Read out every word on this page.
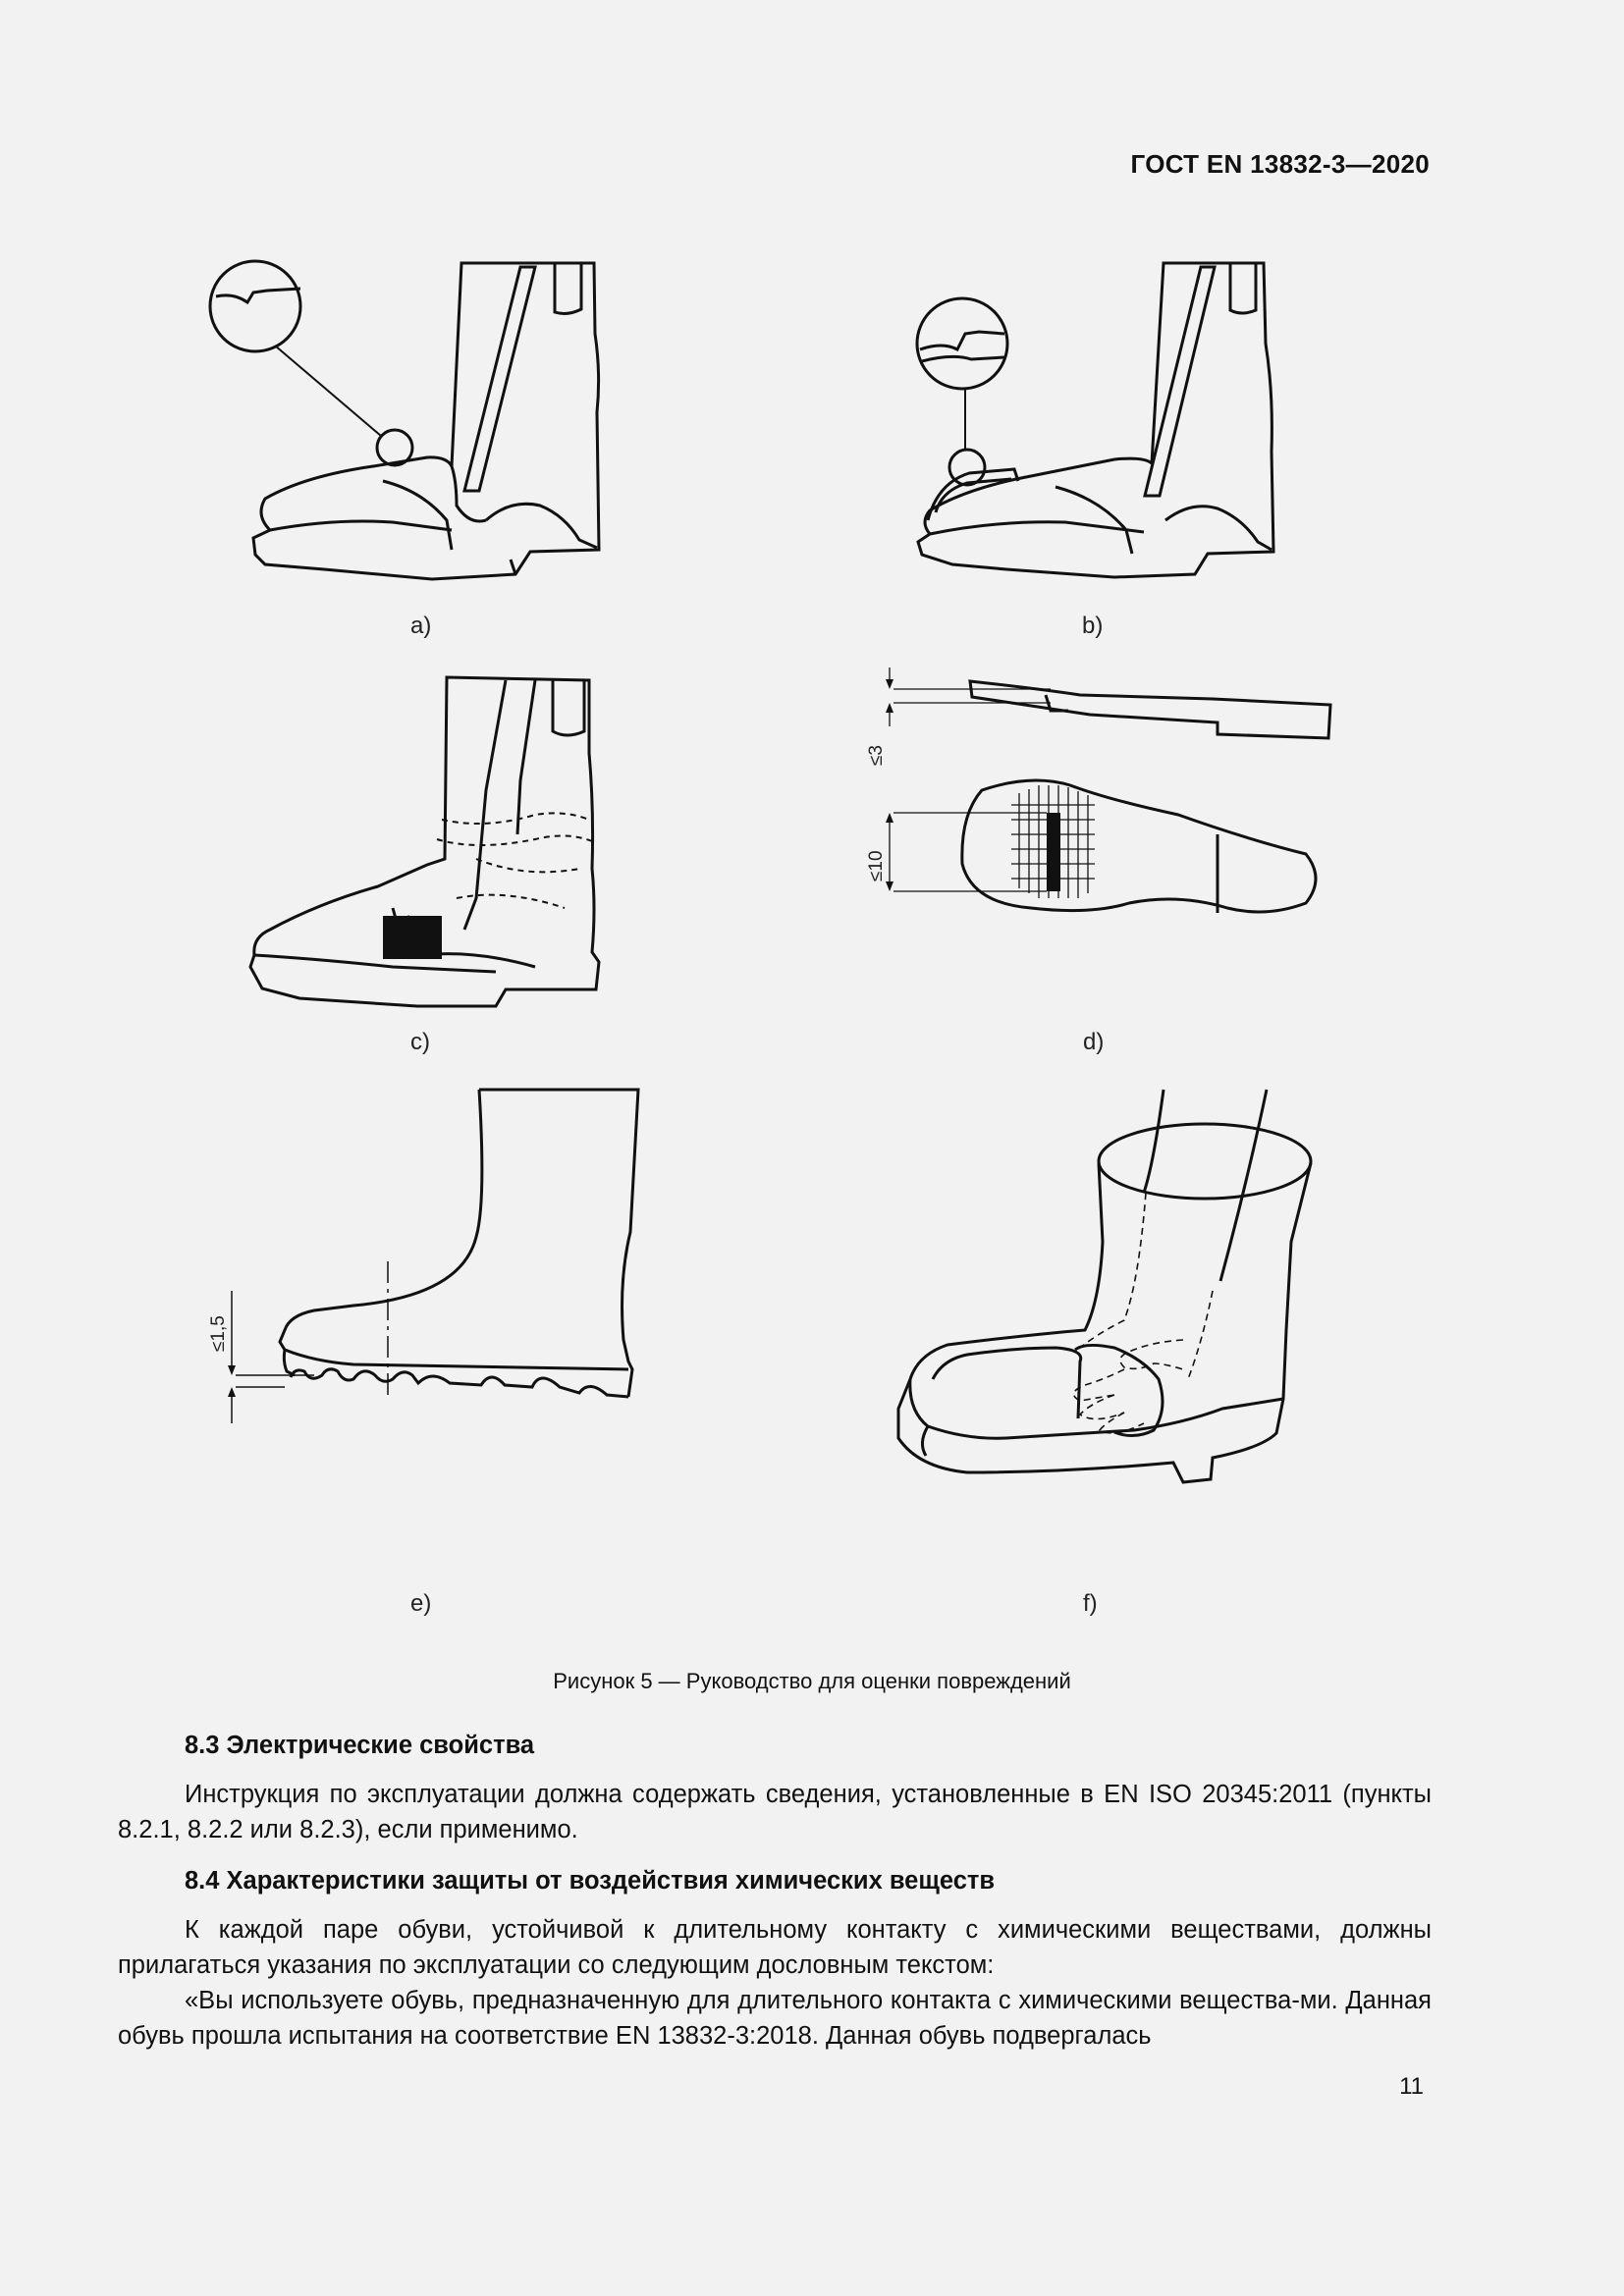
ГОСТ EN 13832-3—2020
a)	b)
c)
≤3
≤10
d)
≤1,5
e)	f)
Рисунок 5 — Руководство для оценки повреждений

8.3 Электрические свойства

Инструкция по эксплуатации должна содержать сведения, установленные в EN ISO 20345:2011 (пункты 8.2.1, 8.2.2 или 8.2.3), если применимо.

8.4 Характеристики защиты от воздействия химических веществ

К каждой паре обуви, устойчивой к длительному контакту с химическими веществами, должны прилагаться указания по эксплуатации со следующим дословным текстом:

«Вы используете обувь, предназначенную для длительного контакта с химическими вещества-ми. Данная обувь прошла испытания на соответствие EN 13832-3:2018. Данная обувь подвергалась

11
